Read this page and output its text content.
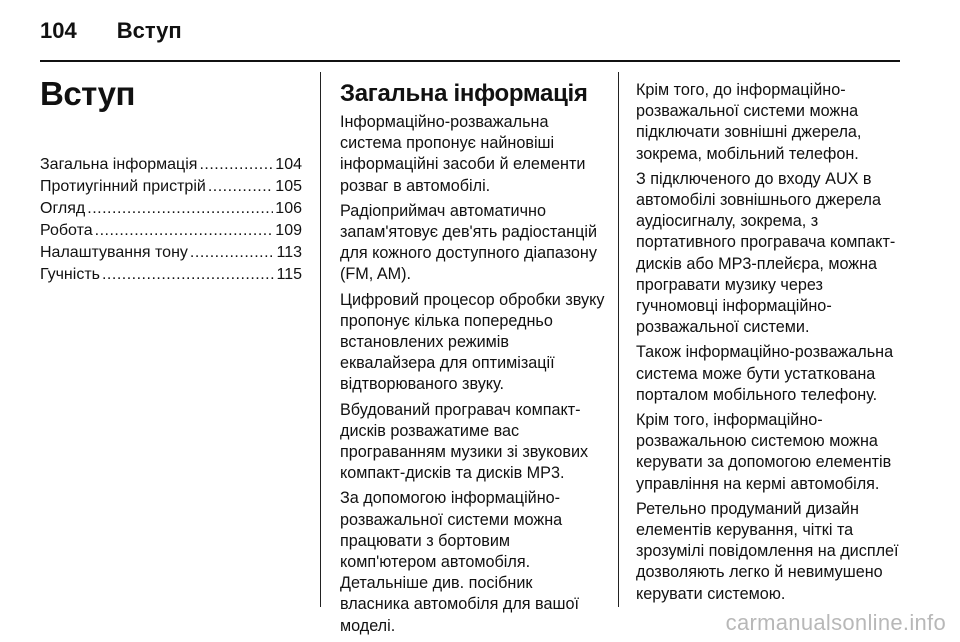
104 Вступ
Вступ
Загальна інформація .....	104
Протиугінний пристрій .....	105
Огляд .....	106
Робота .....	109
Налаштування тону .....	113
Гучність .....	115
Загальна інформація

Інформаційно-розважальна система пропонує найновіші інформаційні засоби й елементи розваг в автомобілі.

Радіоприймач автоматично запам'ятовує дев'ять радіостанцій для кожного доступного діапазону (FM, AM).

Цифровий процесор обробки звуку пропонує кілька попередньо встановлених режимів еквалайзера для оптимізації відтворюваного звуку.

Вбудований програвач компакт-дисків розважатиме вас програванням музики зі звукових компакт-дисків та дисків MP3.

За допомогою інформаційно-розважальної системи можна працювати з бортовим комп'ютером автомобіля. Детальніше див. посібник власника автомобіля для вашої моделі.

Крім того, до інформаційно-розважальної системи можна підключати зовнішні джерела, зокрема, мобільний телефон.

З підключеного до входу AUX в автомобілі зовнішнього джерела аудіосигналу, зокрема, з портативного програвача компакт-дисків або MP3-плейєра, можна програвати музику через гучномовці інформаційно-розважальної системи.

Також інформаційно-розважальна система може бути устаткована порталом мобільного телефону.

Крім того, інформаційно-розважальною системою можна керувати за допомогою елементів управління на кермі автомобіля.

Ретельно продуманий дизайн елементів керування, чіткі та зрозумілі повідомлення на дисплеї дозволяють легко й невимушено керувати системою.

carmanualsonline.info
